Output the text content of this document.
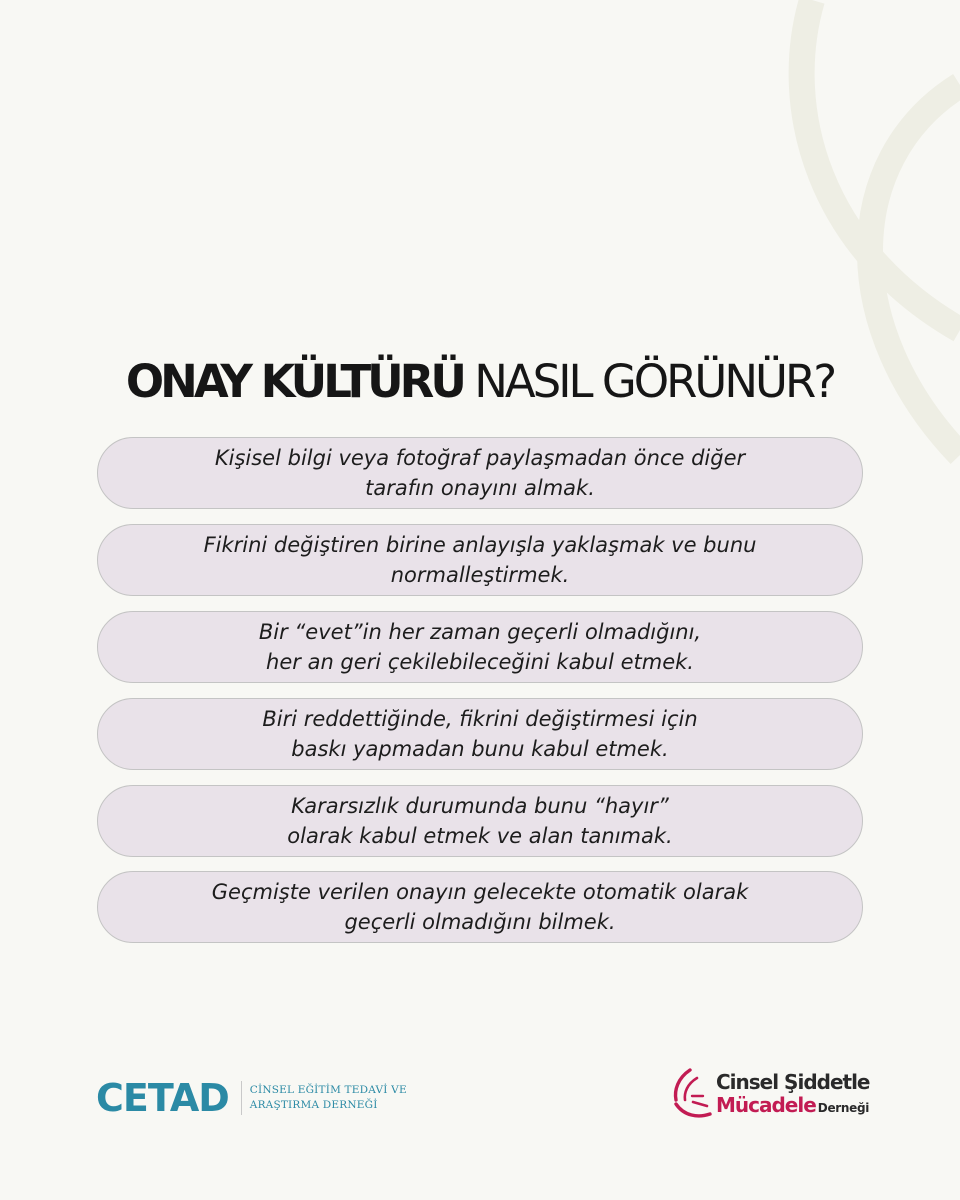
ONAY KÜLTÜRÜ NASIL GÖRÜNÜR?
Kişisel bilgi veya fotoğraf paylaşmadan önce diğer
tarafın onayını almak.
Fikrini değiştiren birine anlayışla yaklaşmak ve bunu
normalleştirmek.
Bir “evet”in her zaman geçerli olmadığını,
her an geri çekilebileceğini kabul etmek.
Biri reddettiğinde, fikrini değiştirmesi için
baskı yapmadan bunu kabul etmek.
Kararsızlık durumunda bunu “hayır”
olarak kabul etmek ve alan tanımak.
Geçmişte verilen onayın gelecekte otomatik olarak
geçerli olmadığını bilmek.
CETAD CİNSEL EĞİTİM TEDAVİ VE
ARAŞTIRMA DERNEĞİ
Cinsel Şiddetle
Mücadele Derneği
